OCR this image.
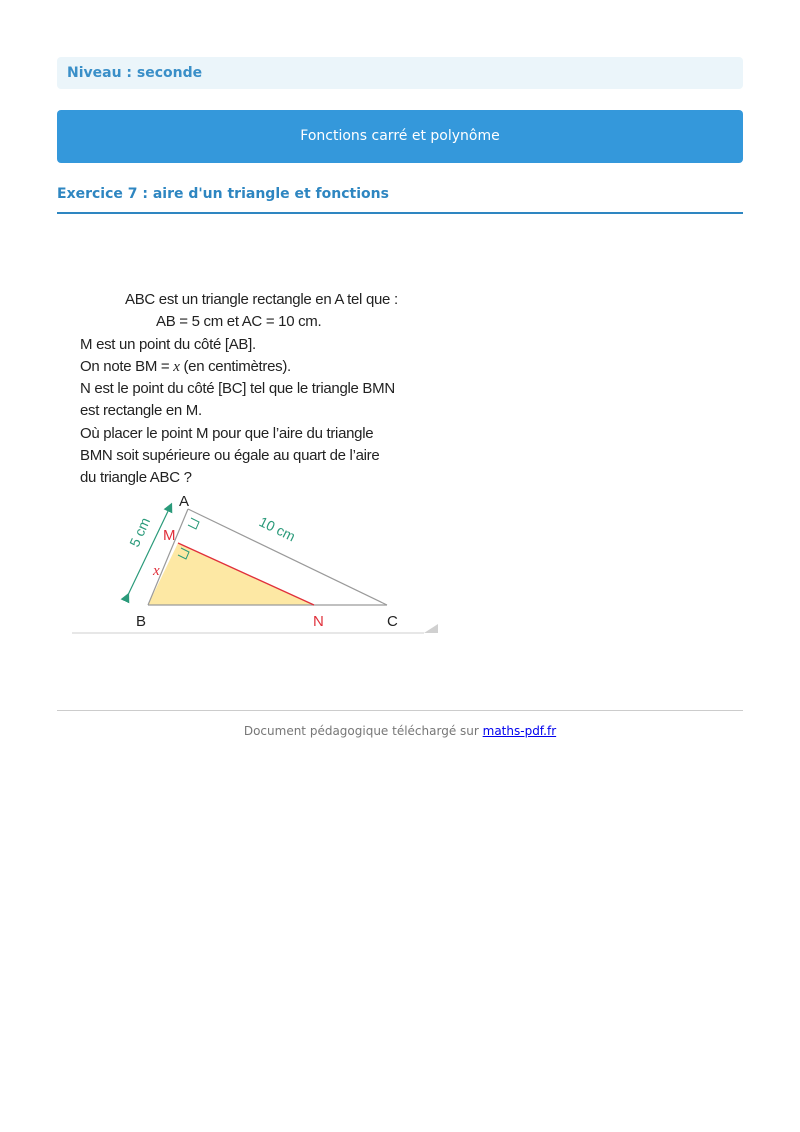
Niveau : seconde
Fonctions carré et polynôme
Exercice 7 : aire d'un triangle et fonctions
ABC est un triangle rectangle en A tel que :
AB = 5 cm et AC = 10 cm.
M est un point du côté [AB].
On note BM = x (en centimètres).
N est le point du côté [BC] tel que le triangle BMN
est rectangle en M.
Où placer le point M pour que l’aire du triangle
BMN soit supérieure ou égale au quart de l’aire
du triangle ABC ?
A
B	C
M
N
x
5 cm	10 cm
Document pédagogique téléchargé sur maths-pdf.fr
